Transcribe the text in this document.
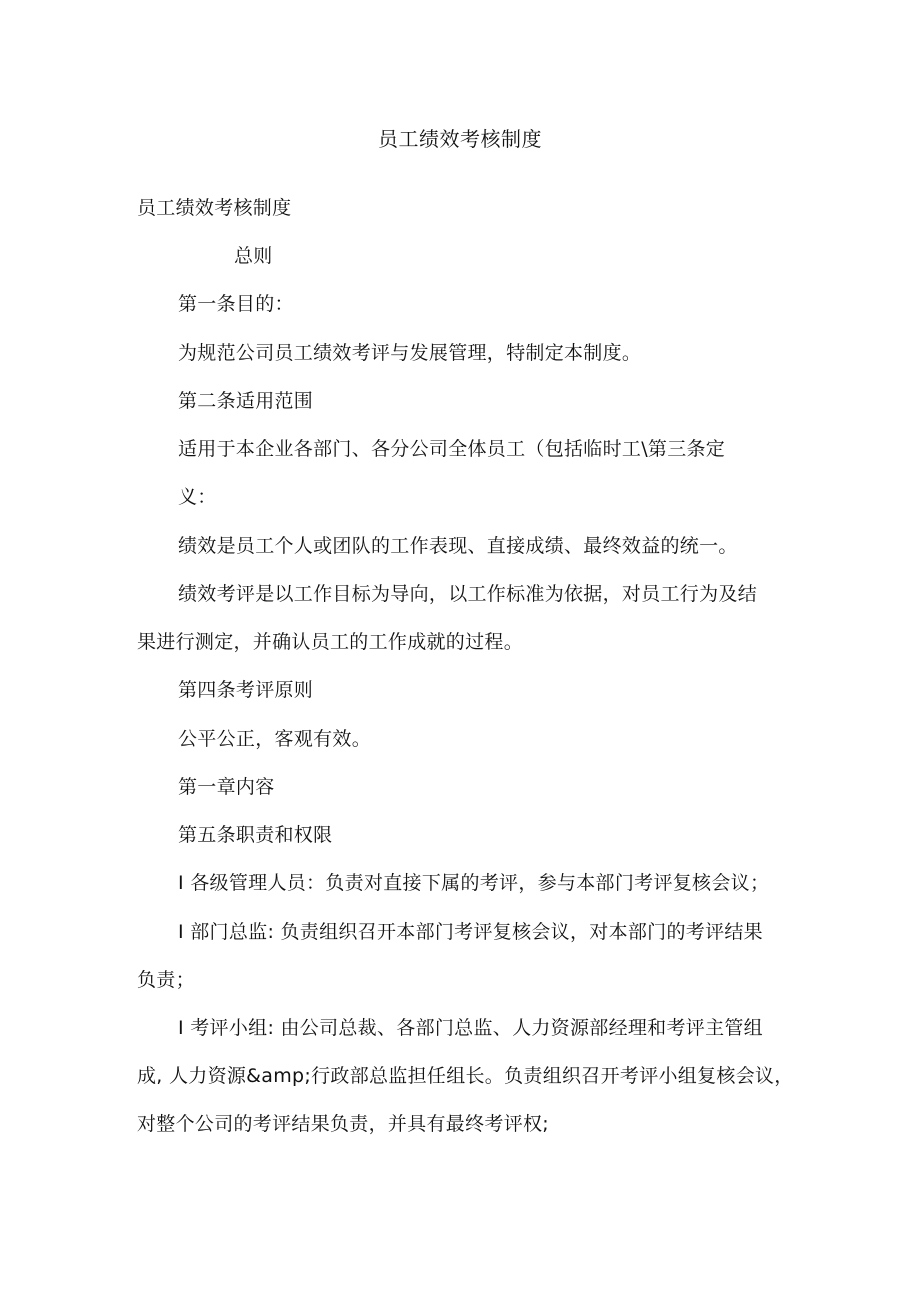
员工绩效考核制度
员工绩效考核制度
总则
第一条目的：
为规范公司员工绩效考评与发展管理，特制定本制度。
第二条适用范围
适用于本企业各部门、各分公司全体员工（包括临时工\第三条定
义：
绩效是员工个人或团队的工作表现、直接成绩、最终效益的统一。
绩效考评是以工作目标为导向，以工作标准为依据，对员工行为及结
果进行测定，并确认员工的工作成就的过程。
第四条考评原则
公平公正，客观有效。
第一章内容
第五条职责和权限
I 各级管理人员：负责对直接下属的考评，参与本部门考评复核会议；
I 部门总监: 负责组织召开本部门考评复核会议，对本部门的考评结果
负责；
I 考评小组: 由公司总裁、各部门总监、人力资源部经理和考评主管组
成, 人力资源&amp;行政部总监担任组长。负责组织召开考评小组复核会议，
对整个公司的考评结果负责，并具有最终考评权;
